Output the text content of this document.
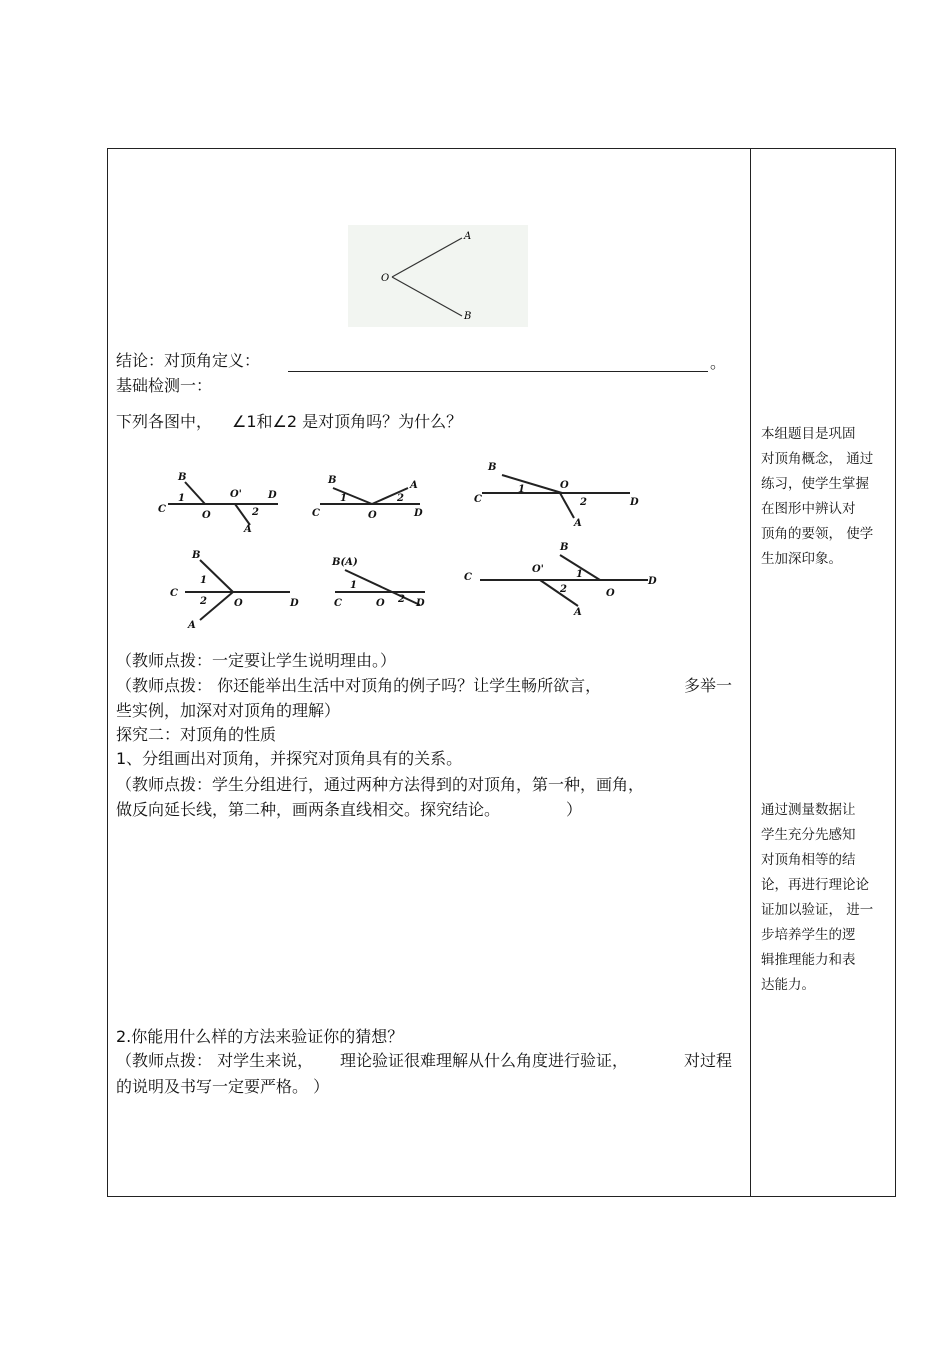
A
O
B
结论：对顶角定义：	。
基础检测一：
下列各图中， ∠1和∠2 是对顶角吗？为什么？
B
1	O'	D
C
O	2
A
B	A
1	2
C	O	D
B
1	O
C	2	D
A
B
1
C
2	O	D
A
B(A)
1
C	O 2 D
B
C
O'	1
D
2	O
A
（教师点拨：一定要让学生说明理由。）
（教师点拨： 你还能举出生活中对顶角的例子吗？让学生畅所欲言，	多举一
些实例，加深对对顶角的理解）
探究二：对顶角的性质
1、分组画出对顶角，并探究对顶角具有的关系。
（教师点拨：学生分组进行，通过两种方法得到的对顶角，第一种，画角，
做反向延长线，第二种，画两条直线相交。探究结论。	）
2.你能用什么样的方法来验证你的猜想？
（教师点拨： 对学生来说， 理论验证很难理解从什么角度进行验证，	对过程
的说明及书写一定要严格。 ）
本组题目是巩固
对顶角概念， 通过
练习，使学生掌握
在图形中辨认对
顶角的要领， 使学
生加深印象。
通过测量数据让
学生充分先感知
对顶角相等的结
论，再进行理论论
证加以验证， 进一
步培养学生的逻
辑推理能力和表
达能力。
